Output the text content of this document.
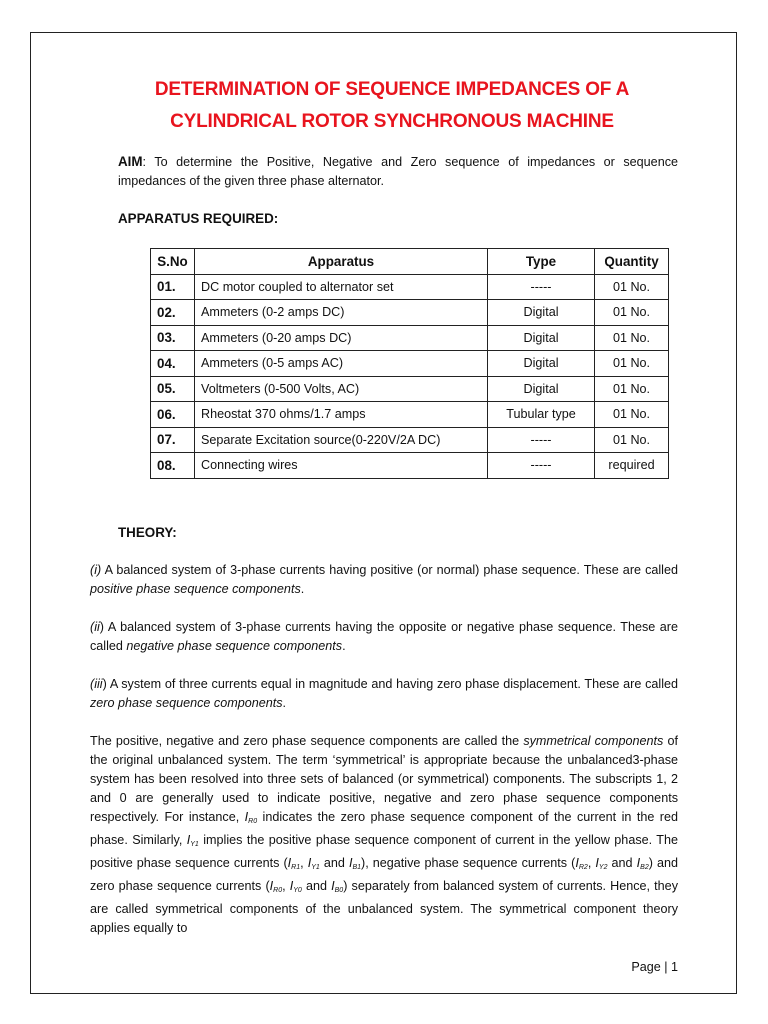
DETERMINATION OF SEQUENCE IMPEDANCES OF A
CYLINDRICAL ROTOR SYNCHRONOUS MACHINE
AIM: To determine the Positive, Negative and Zero sequence of impedances or sequence impedances of the given three phase alternator.
APPARATUS REQUIRED:
S.No	Apparatus	Type	Quantity
01.	DC motor coupled to alternator set	-----	01 No.
02.	Ammeters (0-2 amps DC)	Digital	01 No.
03.	Ammeters (0-20 amps DC)	Digital	01 No.
04.	Ammeters (0-5 amps AC)	Digital	01 No.
05.	Voltmeters (0-500 Volts, AC)	Digital	01 No.
06.	Rheostat 370 ohms/1.7 amps	Tubular type	01 No.
07.	Separate Excitation source(0-220V/2A DC)	-----	01 No.
08.	Connecting wires	-----	required
THEORY:
(i) A balanced system of 3-phase currents having positive (or normal) phase sequence. These are called positive phase sequence components.
(ii) A balanced system of 3-phase currents having the opposite or negative phase sequence. These are called negative phase sequence components.
(iii) A system of three currents equal in magnitude and having zero phase displacement. These are called zero phase sequence components.
The positive, negative and zero phase sequence components are called the symmetrical components of the original unbalanced system. The term ‘symmetrical’ is appropriate because the unbalanced3-phase system has been resolved into three sets of balanced (or symmetrical) components. The subscripts 1, 2 and 0 are generally used to indicate positive, negative and zero phase sequence components respectively. For instance, $I_{R0}$ indicates the zero phase sequence component of the current in the red phase. Similarly, $I_{Y1}$ implies the positive phase sequence component of current in the yellow phase. The positive phase sequence currents ($I_{R1}$, $I_{Y1}$ and $I_{B1}$), negative phase sequence currents ($I_{R2}$, $I_{Y2}$ and $I_{B2}$) and zero phase sequence currents ($I_{R0}$, $I_{Y0}$ and $I_{B0}$) separately from balanced system of currents. Hence, they are called symmetrical components of the unbalanced system. The symmetrical component theory applies equally to
Page | 1
